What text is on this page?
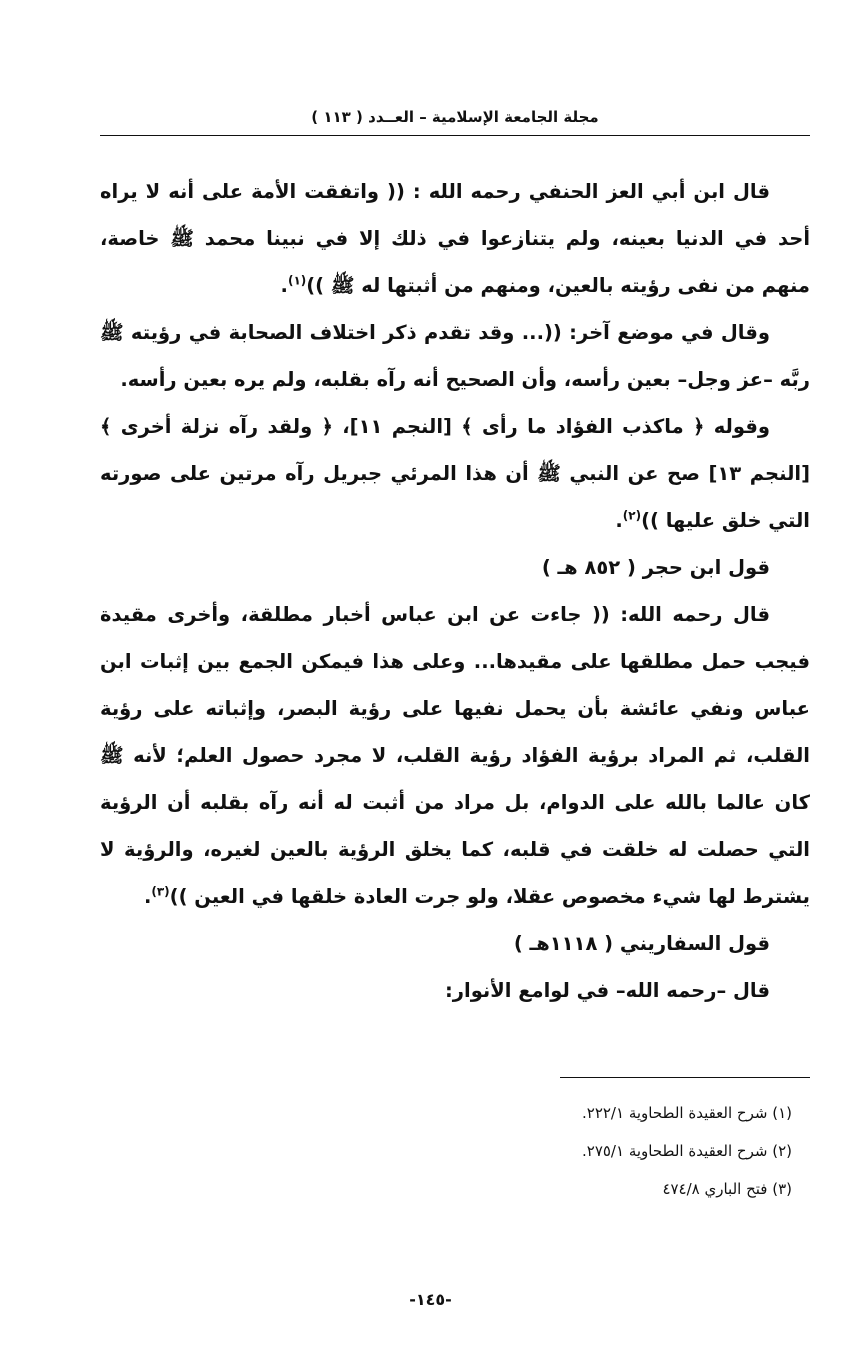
مجلة الجامعة الإسلامية – العــدد ( ١١٣ )

قال ابن أبي العز الحنفي رحمه الله : (( واتفقت الأمة على أنه لا يراه أحد في الدنيا بعينه، ولم يتنازعوا في ذلك إلا في نبينا محمد ﷺ خاصة، منهم من نفى رؤيته بالعين، ومنهم من أثبتها له ﷺ ))$^{(١)}$.

وقال في موضع آخر: ((... وقد تقدم ذكر اختلاف الصحابة في رؤيته ﷺ ربَّه –عز وجل– بعين رأسه، وأن الصحيح أنه رآه بقلبه، ولم يره بعين رأسه.

وقوله ﴿ ماكذب الفؤاد ما رأى ﴾ [النجم ١١]، ﴿ ولقد رآه نزلة أخرى ﴾ [النجم ١٣] صح عن النبي ﷺ أن هذا المرئي جبريل رآه مرتين على صورته التي خلق عليها ))$^{(٢)}$.

قول ابن حجر ( ٨٥٢ هـ )

قال رحمه الله: (( جاءت عن ابن عباس أخبار مطلقة، وأخرى مقيدة فيجب حمل مطلقها على مقيدها... وعلى هذا فيمكن الجمع بين إثبات ابن عباس ونفي عائشة بأن يحمل نفيها على رؤية البصر، وإثباته على رؤية القلب، ثم المراد برؤية الفؤاد رؤية القلب، لا مجرد حصول العلم؛ لأنه ﷺ كان عالما بالله على الدوام، بل مراد من أثبت له أنه رآه بقلبه أن الرؤية التي حصلت له خلقت في قلبه، كما يخلق الرؤية بالعين لغيره، والرؤية لا يشترط لها شيء مخصوص عقلا، ولو جرت العادة خلقها في العين ))$^{(٣)}$.

قول السفاريني ( ١١١٨هـ )

قال –رحمه الله– في لوامع الأنوار:

(١) شرح العقيدة الطحاوية ٢٢٢/١.
(٢) شرح العقيدة الطحاوية ٢٧٥/١.
(٣) فتح الباري ٤٧٤/٨
-١٤٥-
